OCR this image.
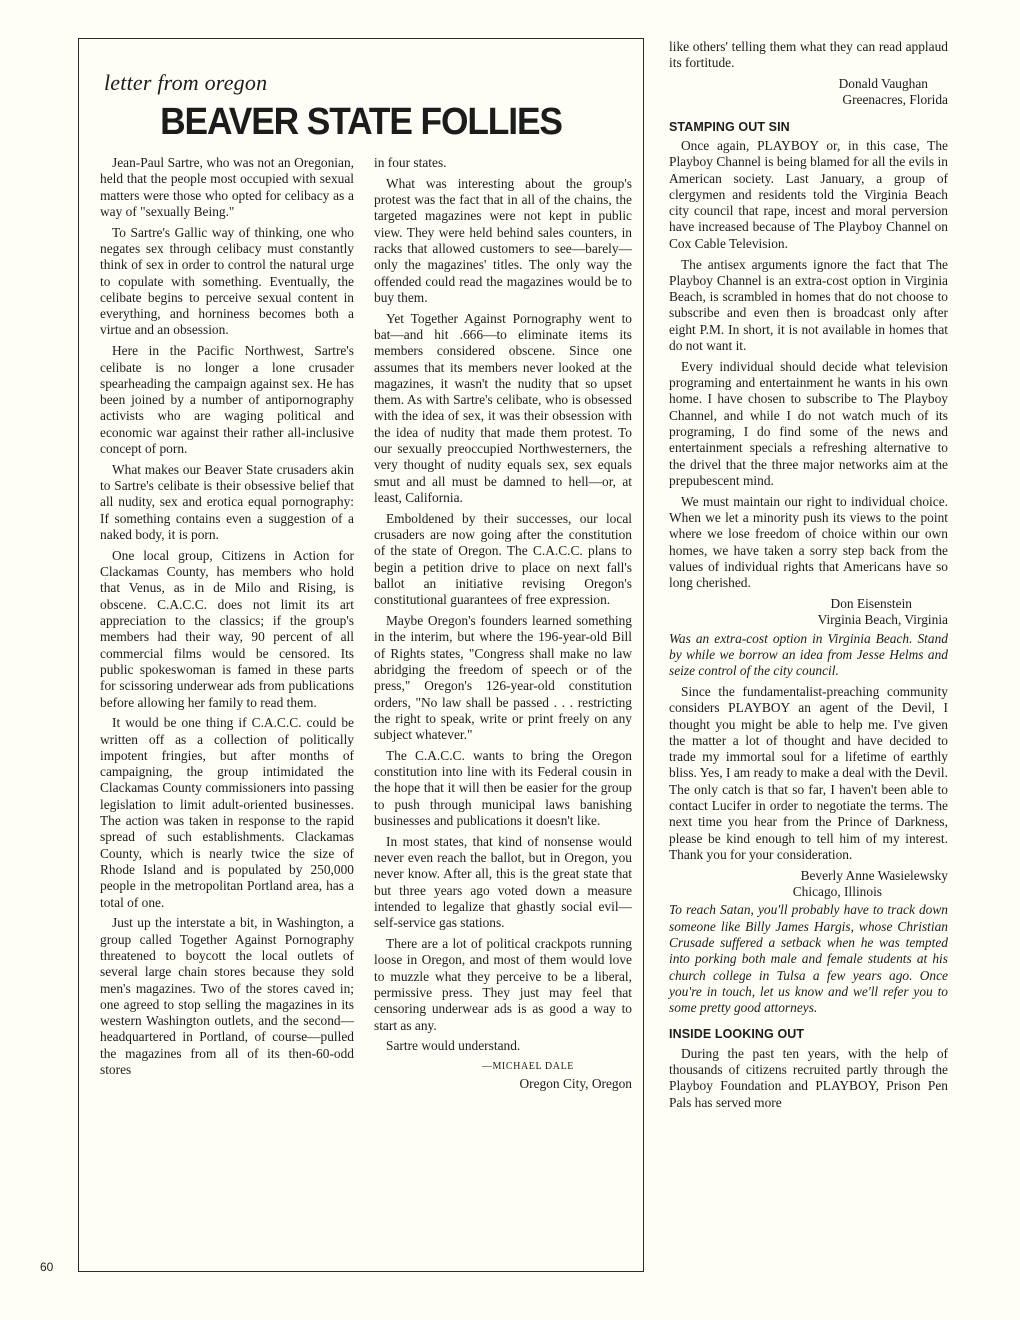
letter from oregon
BEAVER STATE FOLLIES

Jean-Paul Sartre, who was not an Oregonian, held that the people most occupied with sexual matters were those who opted for celibacy as a way of "sexually Being."

To Sartre's Gallic way of thinking, one who negates sex through celibacy must constantly think of sex in order to control the natural urge to copulate with something. Eventually, the celibate begins to perceive sexual content in everything, and horniness becomes both a virtue and an obsession.

Here in the Pacific Northwest, Sartre's celibate is no longer a lone crusader spearheading the campaign against sex. He has been joined by a number of antipornography activists who are waging political and economic war against their rather all-inclusive concept of porn.

What makes our Beaver State crusaders akin to Sartre's celibate is their obsessive belief that all nudity, sex and erotica equal pornography: If something contains even a suggestion of a naked body, it is porn.

One local group, Citizens in Action for Clackamas County, has members who hold that Venus, as in de Milo and Rising, is obscene. C.A.C.C. does not limit its art appreciation to the classics; if the group's members had their way, 90 percent of all commercial films would be censored. Its public spokeswoman is famed in these parts for scissoring underwear ads from publications before allowing her family to read them.

It would be one thing if C.A.C.C. could be written off as a collection of politically impotent fringies, but after months of campaigning, the group intimidated the Clackamas County commissioners into passing legislation to limit adult-oriented businesses. The action was taken in response to the rapid spread of such establishments. Clackamas County, which is nearly twice the size of Rhode Island and is populated by 250,000 people in the metropolitan Portland area, has a total of one.

Just up the interstate a bit, in Washington, a group called Together Against Pornography threatened to boycott the local outlets of several large chain stores because they sold men's magazines. Two of the stores caved in; one agreed to stop selling the magazines in its western Washington outlets, and the second—headquartered in Portland, of course—pulled the magazines from all of its then-60-odd stores

in four states.

What was interesting about the group's protest was the fact that in all of the chains, the targeted magazines were not kept in public view. They were held behind sales counters, in racks that allowed customers to see—barely—only the magazines' titles. The only way the offended could read the magazines would be to buy them.

Yet Together Against Pornography went to bat—and hit .666—to eliminate items its members considered obscene. Since one assumes that its members never looked at the magazines, it wasn't the nudity that so upset them. As with Sartre's celibate, who is obsessed with the idea of sex, it was their obsession with the idea of nudity that made them protest. To our sexually preoccupied Northwesterners, the very thought of nudity equals sex, sex equals smut and all must be damned to hell—or, at least, California.

Emboldened by their successes, our local crusaders are now going after the constitution of the state of Oregon. The C.A.C.C. plans to begin a petition drive to place on next fall's ballot an initiative revising Oregon's constitutional guarantees of free expression.

Maybe Oregon's founders learned something in the interim, but where the 196-year-old Bill of Rights states, "Congress shall make no law abridging the freedom of speech or of the press," Oregon's 126-year-old constitution orders, "No law shall be passed . . . restricting the right to speak, write or print freely on any subject whatever."

The C.A.C.C. wants to bring the Oregon constitution into line with its Federal cousin in the hope that it will then be easier for the group to push through municipal laws banishing businesses and publications it doesn't like.

In most states, that kind of nonsense would never even reach the ballot, but in Oregon, you never know. After all, this is the great state that but three years ago voted down a measure intended to legalize that ghastly social evil—self-service gas stations.

There are a lot of political crackpots running loose in Oregon, and most of them would love to muzzle what they perceive to be a liberal, permissive press. They just may feel that censoring underwear ads is as good a way to start as any.

Sartre would understand.

—MICHAEL DALE
Oregon City, Oregon

like others' telling them what they can read applaud its fortitude.

Donald Vaughan
Greenacres, Florida
STAMPING OUT SIN

Once again, PLAYBOY or, in this case, The Playboy Channel is being blamed for all the evils in American society. Last January, a group of clergymen and residents told the Virginia Beach city council that rape, incest and moral perversion have increased because of The Playboy Channel on Cox Cable Television.

The antisex arguments ignore the fact that The Playboy Channel is an extra-cost option in Virginia Beach, is scrambled in homes that do not choose to subscribe and even then is broadcast only after eight P.M. In short, it is not available in homes that do not want it.

Every individual should decide what television programing and entertainment he wants in his own home. I have chosen to subscribe to The Playboy Channel, and while I do not watch much of its programing, I do find some of the news and entertainment specials a refreshing alternative to the drivel that the three major networks aim at the prepubescent mind.

We must maintain our right to individual choice. When we let a minority push its views to the point where we lose freedom of choice within our own homes, we have taken a sorry step back from the values of individual rights that Americans have so long cherished.

Don Eisenstein
Virginia Beach, Virginia

Was an extra-cost option in Virginia Beach. Stand by while we borrow an idea from Jesse Helms and seize control of the city council.

Since the fundamentalist-preaching community considers PLAYBOY an agent of the Devil, I thought you might be able to help me. I've given the matter a lot of thought and have decided to trade my immortal soul for a lifetime of earthly bliss. Yes, I am ready to make a deal with the Devil. The only catch is that so far, I haven't been able to contact Lucifer in order to negotiate the terms. The next time you hear from the Prince of Darkness, please be kind enough to tell him of my interest. Thank you for your consideration.

Beverly Anne Wasielewsky
Chicago, Illinois

To reach Satan, you'll probably have to track down someone like Billy James Hargis, whose Christian Crusade suffered a setback when he was tempted into porking both male and female students at his church college in Tulsa a few years ago. Once you're in touch, let us know and we'll refer you to some pretty good attorneys.

INSIDE LOOKING OUT

During the past ten years, with the help of thousands of citizens recruited partly through the Playboy Foundation and PLAYBOY, Prison Pen Pals has served more

60
